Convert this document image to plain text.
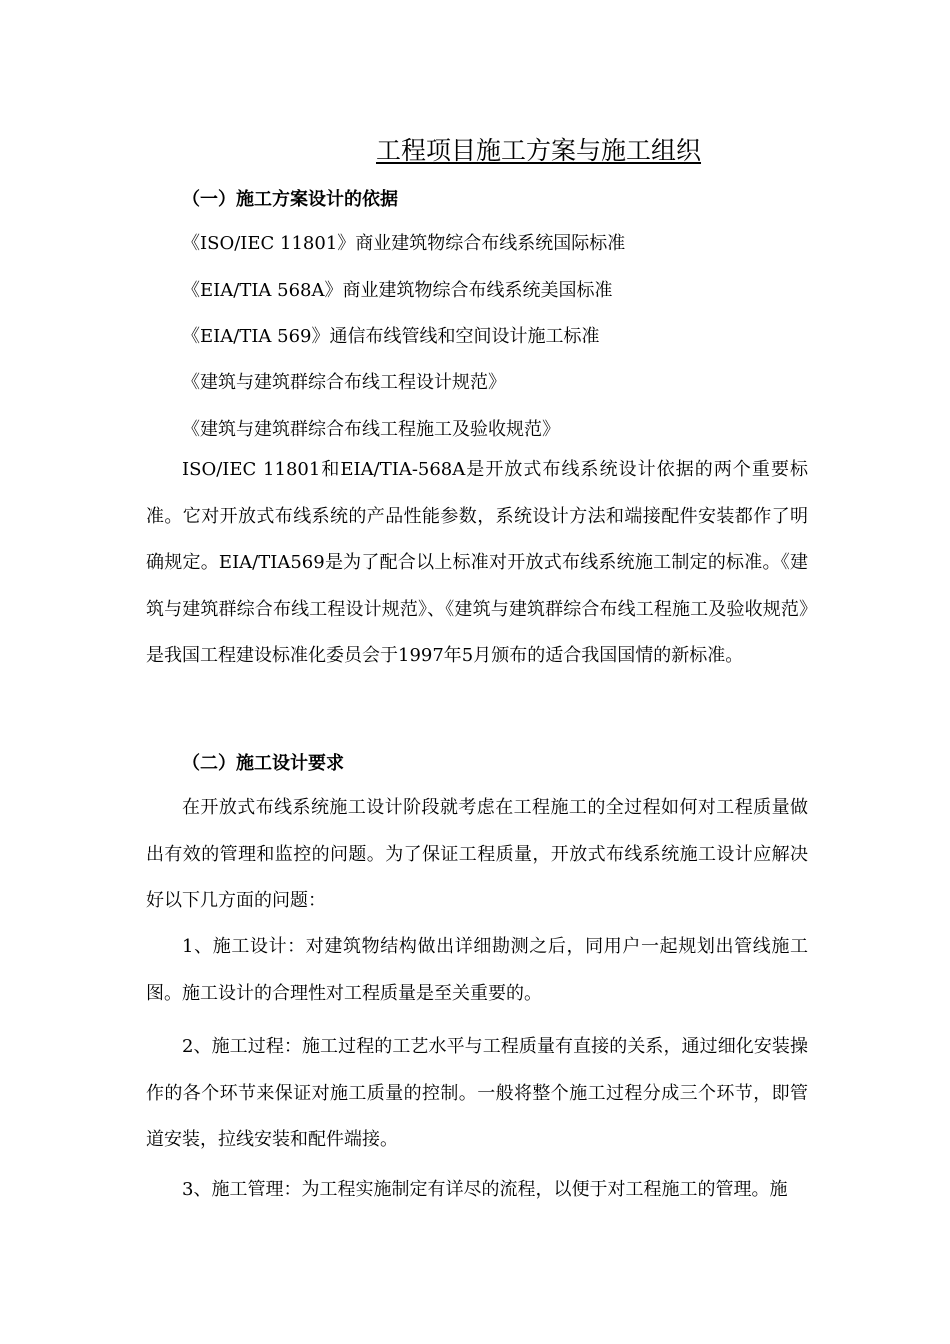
工程项目施工方案与施工组织
（一）施工方案设计的依据
《ISO/IEC 11801》商业建筑物综合布线系统国际标准
《EIA/TIA 568A》商业建筑物综合布线系统美国标准
《EIA/TIA 569》通信布线管线和空间设计施工标准
《建筑与建筑群综合布线工程设计规范》
《建筑与建筑群综合布线工程施工及验收规范》
ISO/IEC 11801和EIA/TIA-568A是开放式布线系统设计依据的两个重要标准。它对开放式布线系统的产品性能参数，系统设计方法和端接配件安装都作了明确规定。EIA/TIA569是为了配合以上标准对开放式布线系统施工制定的标准。《建筑与建筑群综合布线工程设计规范》、《建筑与建筑群综合布线工程施工及验收规范》是我国工程建设标准化委员会于1997年5月颁布的适合我国国情的新标准。
（二）施工设计要求
在开放式布线系统施工设计阶段就考虑在工程施工的全过程如何对工程质量做出有效的管理和监控的问题。为了保证工程质量，开放式布线系统施工设计应解决好以下几方面的问题：
1、施工设计：对建筑物结构做出详细勘测之后，同用户一起规划出管线施工图。施工设计的合理性对工程质量是至关重要的。
2、施工过程：施工过程的工艺水平与工程质量有直接的关系，通过细化安装操作的各个环节来保证对施工质量的控制。一般将整个施工过程分成三个环节，即管道安装，拉线安装和配件端接。
3、施工管理：为工程实施制定有详尽的流程，以便于对工程施工的管理。施
